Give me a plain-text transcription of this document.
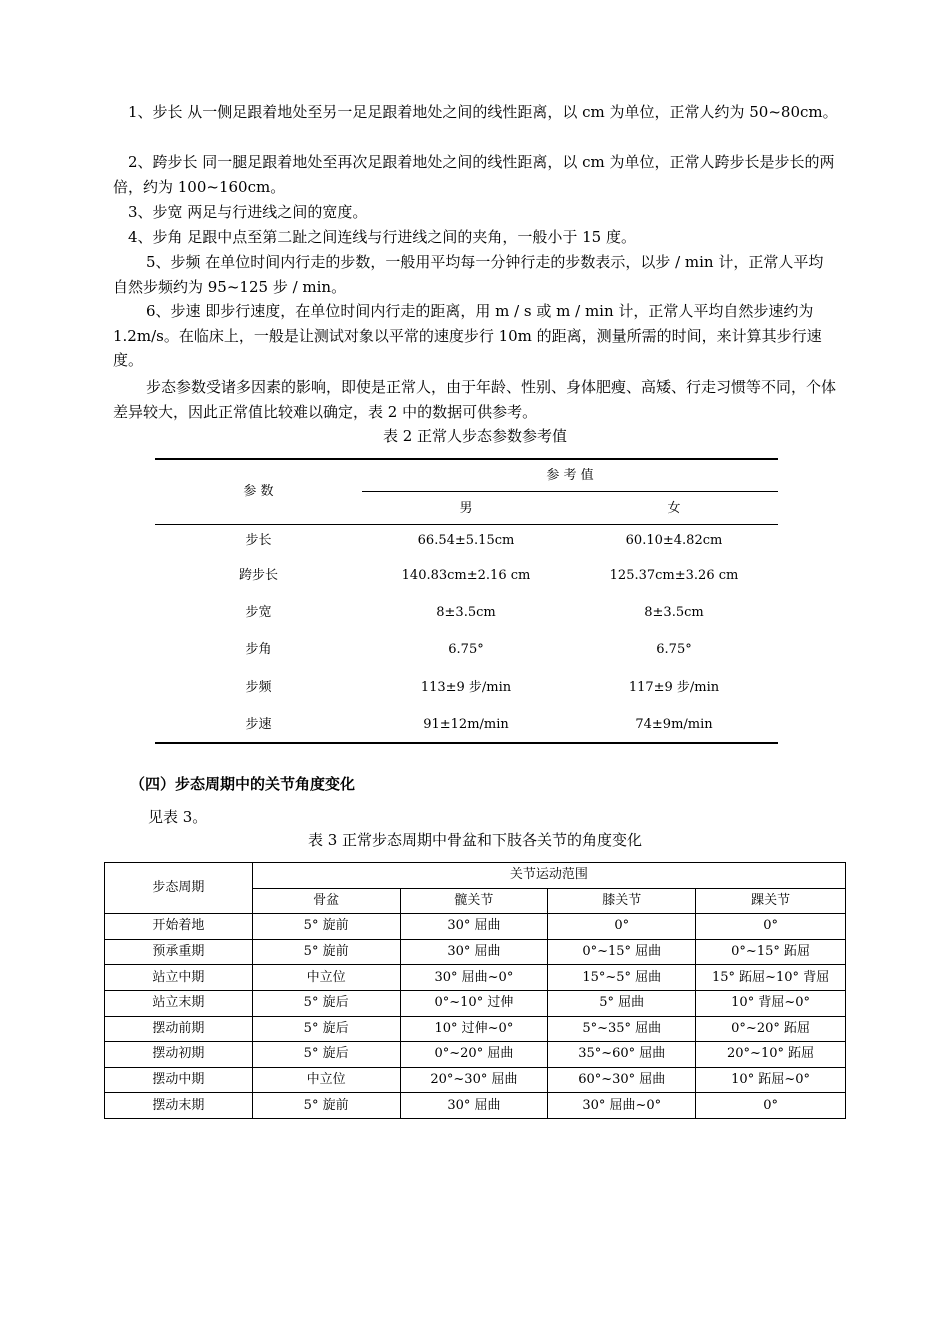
1、步长 从一侧足跟着地处至另一足足跟着地处之间的线性距离，以 cm 为单位，正常人约为 50~80cm。

2、跨步长 同一腿足跟着地处至再次足跟着地处之间的线性距离，以 cm 为单位，正常人跨步长是步长的两倍，约为 100~160cm。

3、步宽 两足与行进线之间的宽度。

4、步角 足跟中点至第二趾之间连线与行进线之间的夹角，一般小于 15 度。

5、步频 在单位时间内行走的步数，一般用平均每一分钟行走的步数表示，以步 / min 计，正常人平均自然步频约为 95~125 步 / min。

6、步速 即步行速度，在单位时间内行走的距离，用 m / s 或 m / min 计，正常人平均自然步速约为 1.2m/s。在临床上，一般是让测试对象以平常的速度步行 10m 的距离，测量所需的时间，来计算其步行速度。

步态参数受诸多因素的影响，即使是正常人，由于年龄、性别、身体肥瘦、高矮、行走习惯等不同，个体差异较大，因此正常值比较难以确定，表 2 中的数据可供参考。

表 2 正常人步态参数参考值
参 数
参 考 值
男	女
步长	66.54±5.15cm	60.10±4.82cm
跨步长	140.83cm±2.16 cm	125.37cm±3.26 cm
步宽	8±3.5cm	8±3.5cm
步角	6.75°	6.75°
步频	113±9 步/min	117±9 步/min
步速	91±12m/min	74±9m/min
（四）步态周期中的关节角度变化
见表 3。
表 3 正常步态周期中骨盆和下肢各关节的角度变化
步态周期	关节运动范围			
	骨盆	髋关节	膝关节	踝关节
开始着地	5° 旋前	30° 屈曲	0°	0°
预承重期	5° 旋前	30° 屈曲	0°~15° 屈曲	0°~15° 跖屈
站立中期	中立位	30° 屈曲~0°	15°~5° 屈曲	15° 跖屈~10° 背屈
站立末期	5° 旋后	0°~10° 过伸	5° 屈曲	10° 背屈~0°
摆动前期	5° 旋后	10° 过伸~0°	5°~35° 屈曲	0°~20° 跖屈
摆动初期	5° 旋后	0°~20° 屈曲	35°~60° 屈曲	20°~10° 跖屈
摆动中期	中立位	20°~30° 屈曲	60°~30° 屈曲	10° 跖屈~0°
摆动末期	5° 旋前	30° 屈曲	30° 屈曲~0°	0°
